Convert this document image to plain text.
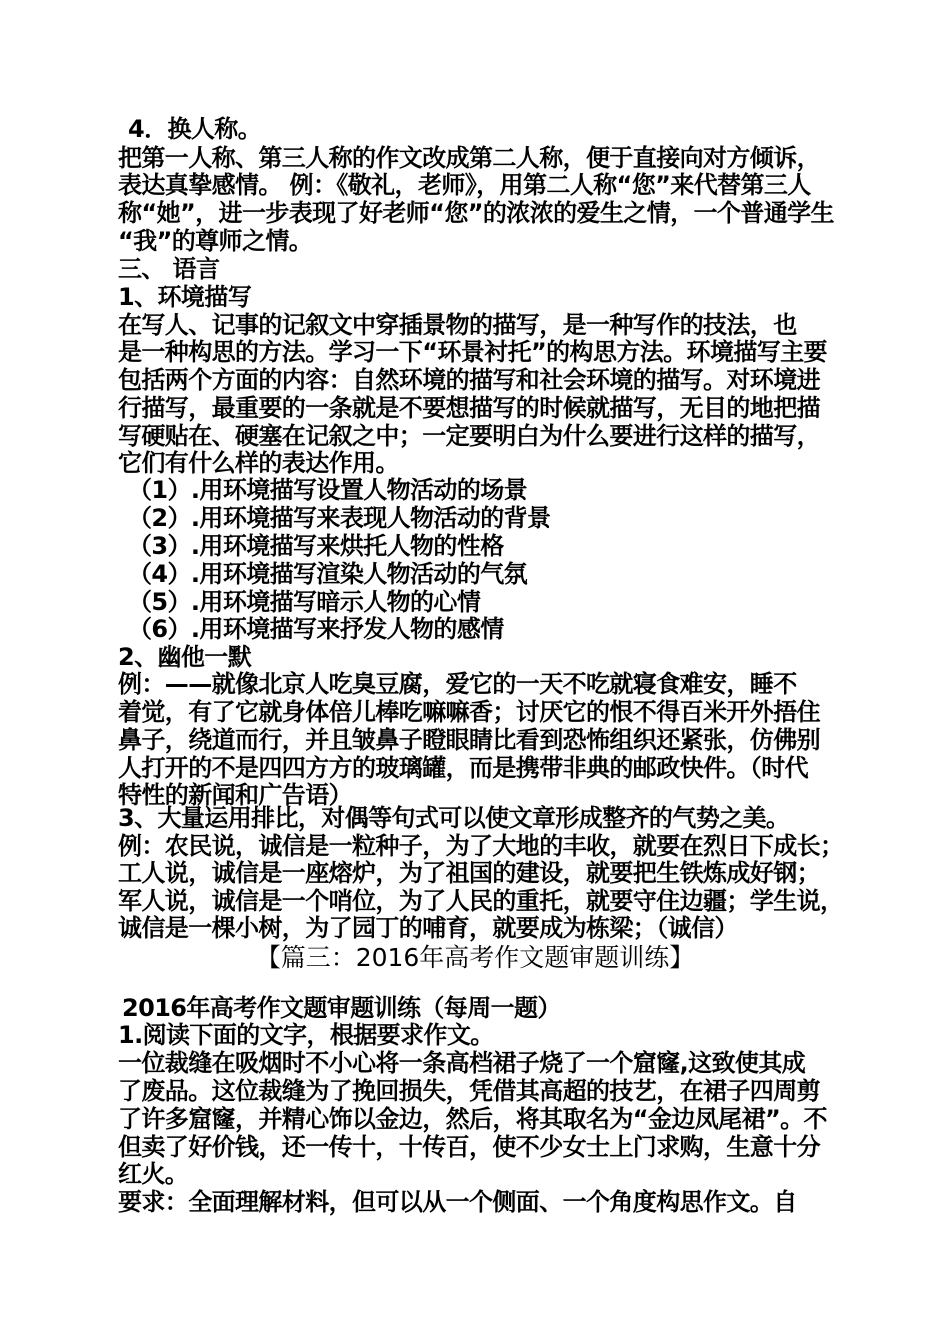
4．换人称。
把第一人称、第三人称的作文改成第二人称，便于直接向对方倾诉，
表达真挚感情。 例：《敬礼，老师》，用第二人称“您”来代替第三人
称“她”，进一步表现了好老师“您”的浓浓的爱生之情，一个普通学生
“我”的尊师之情。
三、 语言
1、环境描写
在写人、记事的记叙文中穿插景物的描写，是一种写作的技法，也
是一种构思的方法。学习一下“环景衬托”的构思方法。环境描写主要
包括两个方面的内容：自然环境的描写和社会环境的描写。对环境进
行描写，最重要的一条就是不要想描写的时候就描写，无目的地把描
写硬贴在、硬塞在记叙之中；一定要明白为什么要进行这样的描写，
它们有什么样的表达作用。
（1）.用环境描写设置人物活动的场景
（2）.用环境描写来表现人物活动的背景
（3）.用环境描写来烘托人物的性格
（4）.用环境描写渲染人物活动的气氛
（5）.用环境描写暗示人物的心情
（6）.用环境描写来抒发人物的感情
2、幽他一默
例：——就像北京人吃臭豆腐，爱它的一天不吃就寝食难安，睡不
着觉，有了它就身体倍儿棒吃嘛嘛香；讨厌它的恨不得百米开外捂住
鼻子，绕道而行，并且皱鼻子瞪眼睛比看到恐怖组织还紧张，仿佛别
人打开的不是四四方方的玻璃罐，而是携带非典的邮政快件。（时代
特性的新闻和广告语）
3、大量运用排比，对偶等句式可以使文章形成整齐的气势之美。
例：农民说，诚信是一粒种子，为了大地的丰收，就要在烈日下成长；
工人说，诚信是一座熔炉，为了祖国的建设，就要把生铁炼成好钢；
军人说，诚信是一个哨位，为了人民的重托，就要守住边疆；学生说，
诚信是一棵小树，为了园丁的哺育，就要成为栋梁；（诚信）
【篇三：2016年高考作文题审题训练】
2016年高考作文题审题训练（每周一题）
1.阅读下面的文字，根据要求作文。
一位裁缝在吸烟时不小心将一条高档裙子烧了一个窟窿,这致使其成
了废品。这位裁缝为了挽回损失，凭借其高超的技艺，在裙子四周剪
了许多窟窿，并精心饰以金边，然后，将其取名为“金边凤尾裙”。不
但卖了好价钱，还一传十，十传百，使不少女士上门求购，生意十分
红火。
要求：全面理解材料，但可以从一个侧面、一个角度构思作文。自
